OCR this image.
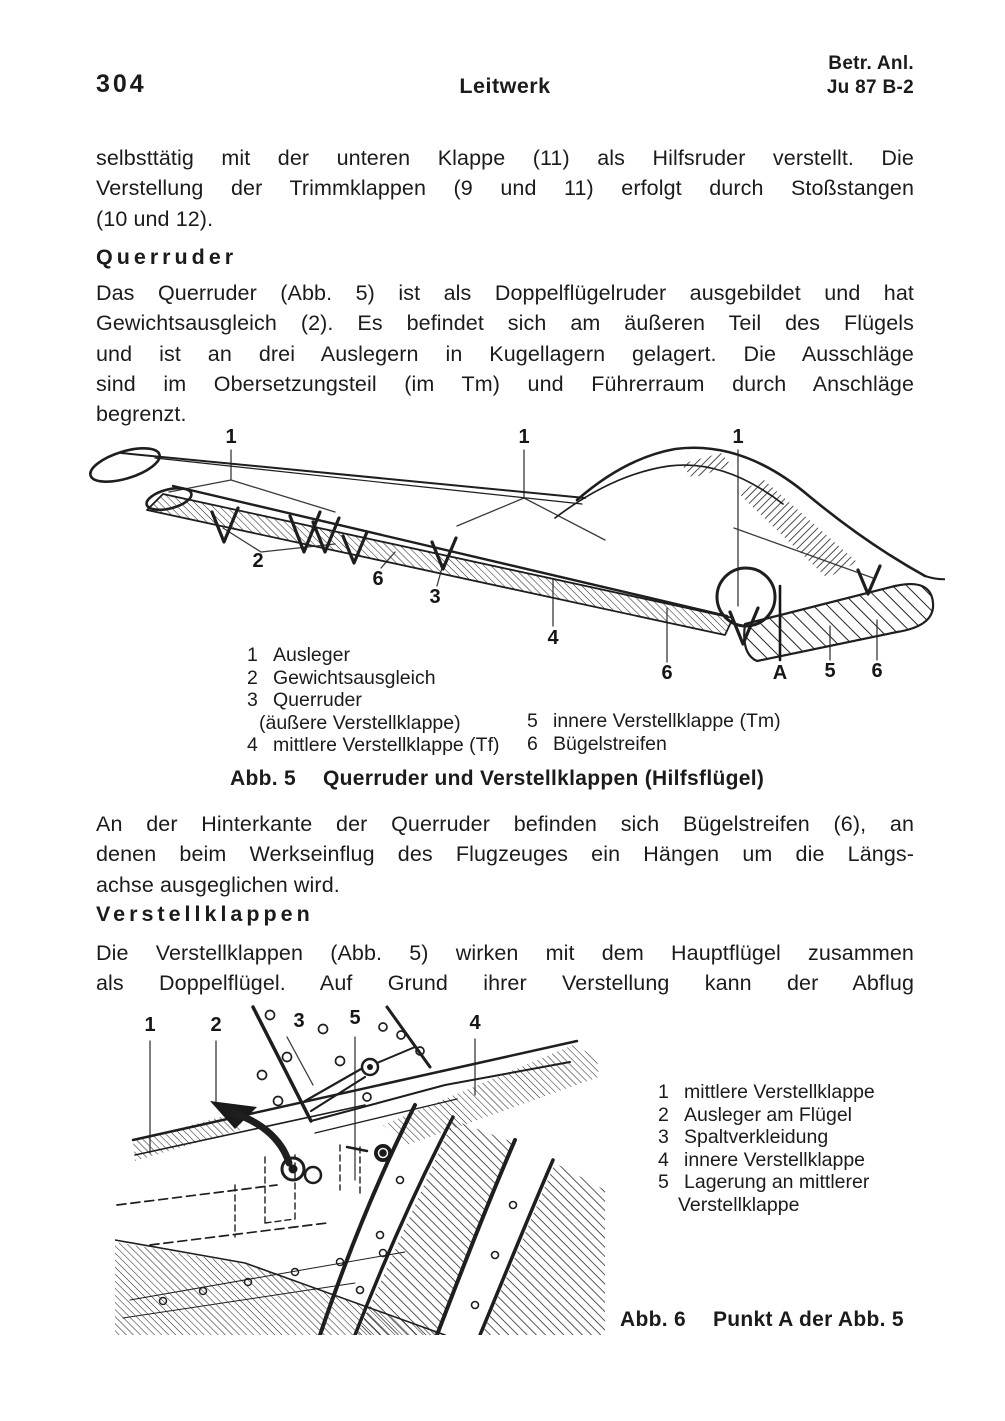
304	Leitwerk
Betr. Anl.
Ju 87 B-2
selbsttätig mit der unteren Klappe (11) als Hilfsruder verstellt. Die
Verstellung der Trimmklappen (9 und 11) erfolgt durch Stoßstangen
(10 und 12).
Querruder
Das Querruder (Abb. 5) ist als Doppelflügelruder ausgebildet und hat
Gewichtsausgleich (2). Es befindet sich am äußeren Teil des Flügels
und ist an drei Auslegern in Kugellagern gelagert. Die Ausschläge
sind im Obersetzungsteil (im Tm) und Führerraum durch Anschläge
begrenzt.
1 Ausleger
2 Gewichtsausgleich
3 Querruder
(äußere Verstellklappe)
4 mittlere Verstellklappe (Tf)
5 innere Verstellklappe (Tm)
6 Bügelstreifen
Abb. 5 Querruder und Verstellklappen (Hilfsflügel)
An der Hinterkante der Querruder befinden sich Bügelstreifen (6), an
denen beim Werkseinflug des Flugzeuges ein Hängen um die Längs-
achse ausgeglichen wird.
Verstellklappen
Die Verstellklappen (Abb. 5) wirken mit dem Hauptflügel zusammen
als Doppelflügel. Auf Grund ihrer Verstellung kann der Abflug
1 mittlere Verstellklappe
2 Ausleger am Flügel
3 Spaltverkleidung
4 innere Verstellklappe
5 Lagerung an mittlerer
Verstellklappe
Abb. 6 Punkt A der Abb. 5
1	1	1
2
6
3
4
6	A 5 6
1	2	3 5	4
